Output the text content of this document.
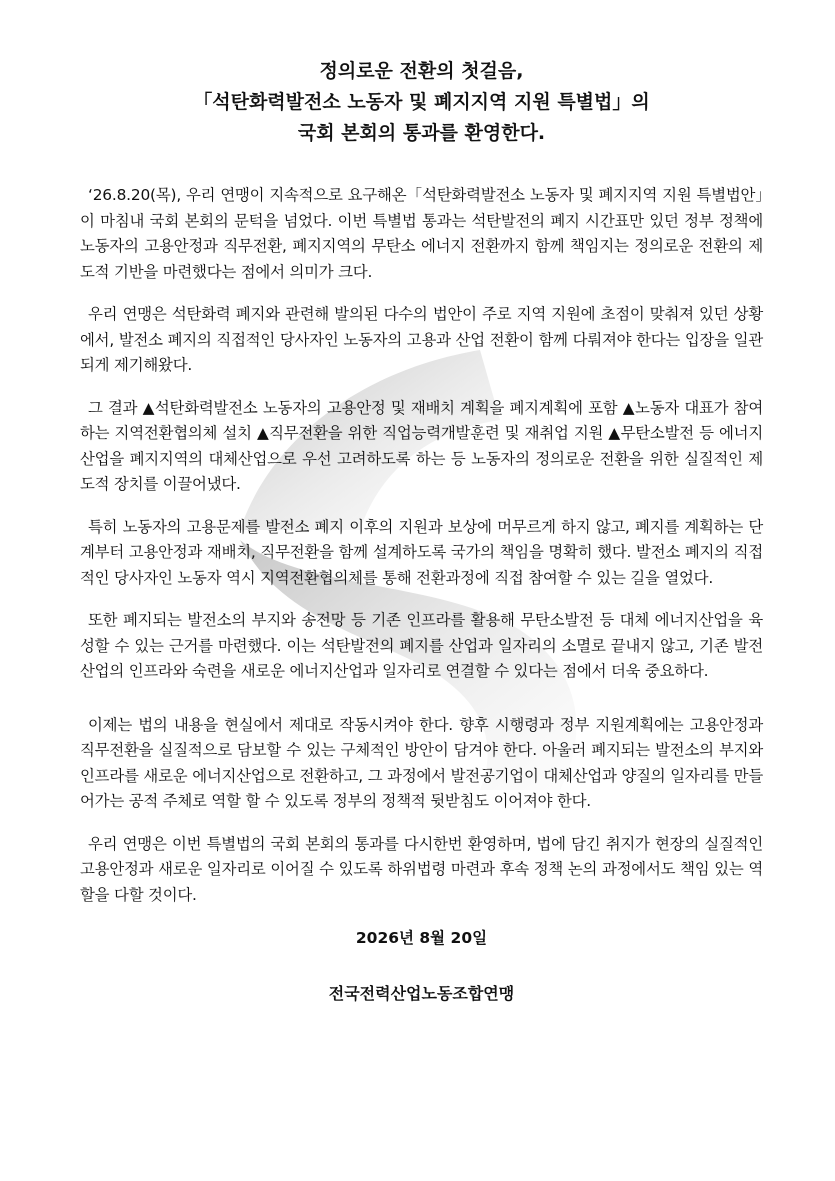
정의로운 전환의 첫걸음,
「석탄화력발전소 노동자 및 폐지지역 지원 특별법」의
국회 본회의 통과를 환영한다.

‘26.8.20(목), 우리 연맹이 지속적으로 요구해온「석탄화력발전소 노동자 및 폐지지역 지원 특별법안」이 마침내 국회 본회의 문턱을 넘었다. 이번 특별법 통과는 석탄발전의 폐지 시간표만 있던 정부 정책에 노동자의 고용안정과 직무전환, 폐지지역의 무탄소 에너지 전환까지 함께 책임지는 정의로운 전환의 제도적 기반을 마련했다는 점에서 의미가 크다.

우리 연맹은 석탄화력 폐지와 관련해 발의된 다수의 법안이 주로 지역 지원에 초점이 맞춰져 있던 상황에서, 발전소 폐지의 직접적인 당사자인 노동자의 고용과 산업 전환이 함께 다뤄져야 한다는 입장을 일관되게 제기해왔다.

그 결과 ▲석탄화력발전소 노동자의 고용안정 및 재배치 계획을 폐지계획에 포함 ▲노동자 대표가 참여하는 지역전환협의체 설치 ▲직무전환을 위한 직업능력개발훈련 및 재취업 지원 ▲무탄소발전 등 에너지산업을 폐지지역의 대체산업으로 우선 고려하도록 하는 등 노동자의 정의로운 전환을 위한 실질적인 제도적 장치를 이끌어냈다.

특히 노동자의 고용문제를 발전소 폐지 이후의 지원과 보상에 머무르게 하지 않고, 폐지를 계획하는 단계부터 고용안정과 재배치, 직무전환을 함께 설계하도록 국가의 책임을 명확히 했다. 발전소 폐지의 직접적인 당사자인 노동자 역시 지역전환협의체를 통해 전환과정에 직접 참여할 수 있는 길을 열었다.

또한 폐지되는 발전소의 부지와 송전망 등 기존 인프라를 활용해 무탄소발전 등 대체 에너지산업을 육성할 수 있는 근거를 마련했다. 이는 석탄발전의 폐지를 산업과 일자리의 소멸로 끝내지 않고, 기존 발전산업의 인프라와 숙련을 새로운 에너지산업과 일자리로 연결할 수 있다는 점에서 더욱 중요하다.

이제는 법의 내용을 현실에서 제대로 작동시켜야 한다. 향후 시행령과 정부 지원계획에는 고용안정과 직무전환을 실질적으로 담보할 수 있는 구체적인 방안이 담겨야 한다. 아울러 폐지되는 발전소의 부지와 인프라를 새로운 에너지산업으로 전환하고, 그 과정에서 발전공기업이 대체산업과 양질의 일자리를 만들어가는 공적 주체로 역할 할 수 있도록 정부의 정책적 뒷받침도 이어져야 한다.

우리 연맹은 이번 특별법의 국회 본회의 통과를 다시한번 환영하며, 법에 담긴 취지가 현장의 실질적인 고용안정과 새로운 일자리로 이어질 수 있도록 하위법령 마련과 후속 정책 논의 과정에서도 책임 있는 역할을 다할 것이다.

2026년 8월 20일
전국전력산업노동조합연맹
